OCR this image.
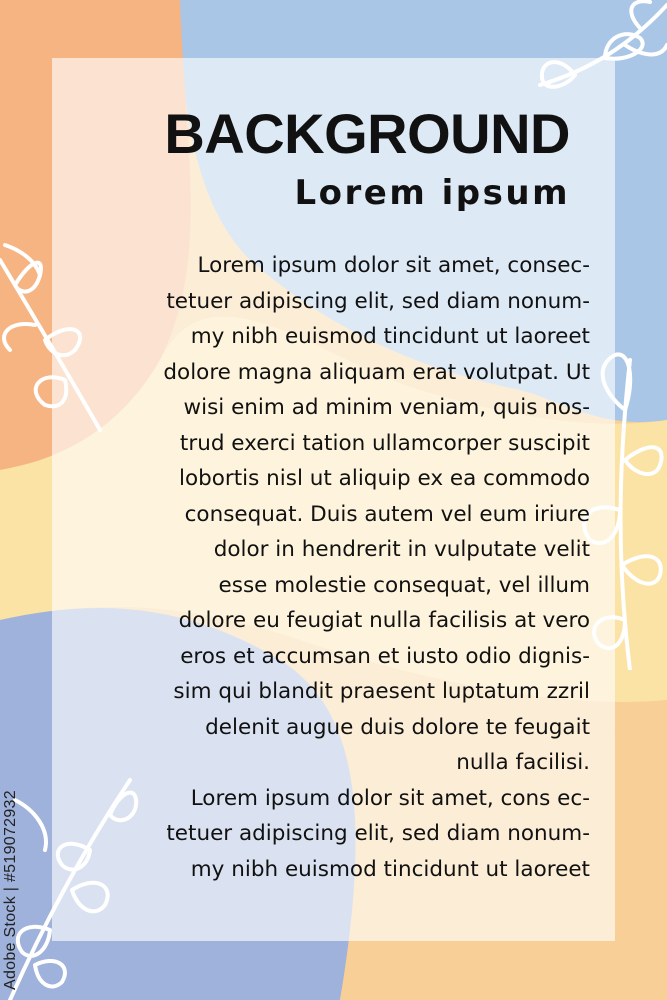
BACKGROUND
Lorem ipsum
Lorem ipsum dolor sit amet, consec-
tetuer adipiscing elit, sed diam nonum-
my nibh euismod tincidunt ut laoreet
dolore magna aliquam erat volutpat. Ut
wisi enim ad minim veniam, quis nos-
trud exerci tation ullamcorper suscipit
lobortis nisl ut aliquip ex ea commodo
consequat. Duis autem vel eum iriure
dolor in hendrerit in vulputate velit
esse molestie consequat, vel illum
dolore eu feugiat nulla facilisis at vero
eros et accumsan et iusto odio dignis-
sim qui blandit praesent luptatum zzril
delenit augue duis dolore te feugait
nulla facilisi.
Lorem ipsum dolor sit amet, cons ec-
tetuer adipiscing elit, sed diam nonum-
my nibh euismod tincidunt ut laoreet
Adobe Stock | #519072932
